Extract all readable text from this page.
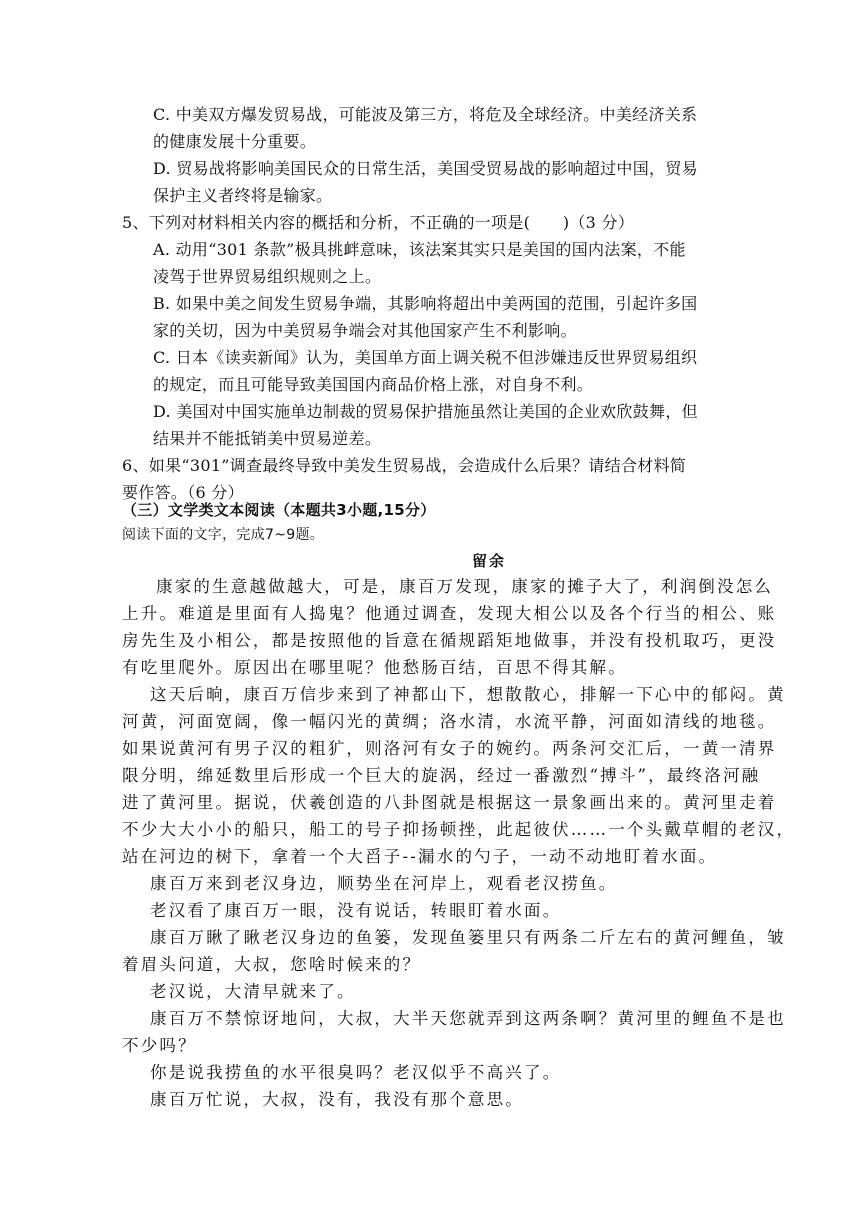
C. 中美双方爆发贸易战，可能波及第三方，将危及全球经济。中美经济关系
的健康发展十分重要。
D. 贸易战将影响美国民众的日常生活，美国受贸易战的影响超过中国，贸易
保护主义者终将是输家。
5、下列对材料相关内容的概括和分析，不正确的一项是(　　)（3 分）
A. 动用“301 条款”极具挑衅意味，该法案其实只是美国的国内法案，不能
凌驾于世界贸易组织规则之上。
B. 如果中美之间发生贸易争端，其影响将超出中美两国的范围，引起许多国
家的关切，因为中美贸易争端会对其他国家产生不利影响。
C. 日本《读卖新闻》认为，美国单方面上调关税不但涉嫌违反世界贸易组织
的规定，而且可能导致美国国内商品价格上涨，对自身不利。
D. 美国对中国实施单边制裁的贸易保护措施虽然让美国的企业欢欣鼓舞，但
结果并不能抵销美中贸易逆差。
6、如果“301”调查最终导致中美发生贸易战，会造成什么后果？请结合材料简
要作答。（6 分）
（三）文学类文本阅读（本题共3小题,15分）
阅读下面的文字，完成7~9题。
留余
康家的生意越做越大，可是，康百万发现，康家的摊子大了，利润倒没怎么
上升。难道是里面有人捣鬼？他通过调查，发现大相公以及各个行当的相公、账
房先生及小相公，都是按照他的旨意在循规蹈矩地做事，并没有投机取巧，更没
有吃里爬外。原因出在哪里呢？他愁肠百结，百思不得其解。
这天后晌，康百万信步来到了神都山下，想散散心，排解一下心中的郁闷。黄
河黄，河面宽阔，像一幅闪光的黄绸；洛水清，水流平静，河面如清线的地毯。
如果说黄河有男子汉的粗犷，则洛河有女子的婉约。两条河交汇后，一黄一清界
限分明，绵延数里后形成一个巨大的旋涡，经过一番激烈“搏斗”，最终洛河融
进了黄河里。据说，伏羲创造的八卦图就是根据这一景象画出来的。黄河里走着
不少大大小小的船只，船工的号子抑扬顿挫，此起彼伏……一个头戴草帽的老汉，
站在河边的树下，拿着一个大舀子--漏水的勺子，一动不动地盯着水面。
康百万来到老汉身边，顺势坐在河岸上，观看老汉捞鱼。
老汉看了康百万一眼，没有说话，转眼盯着水面。
康百万瞅了瞅老汉身边的鱼篓，发现鱼篓里只有两条二斤左右的黄河鲤鱼，皱
着眉头问道，大叔，您啥时候来的？
老汉说，大清早就来了。
康百万不禁惊讶地问，大叔，大半天您就弄到这两条啊？黄河里的鲤鱼不是也
不少吗？
你是说我捞鱼的水平很臭吗？老汉似乎不高兴了。
康百万忙说，大叔，没有，我没有那个意思。
